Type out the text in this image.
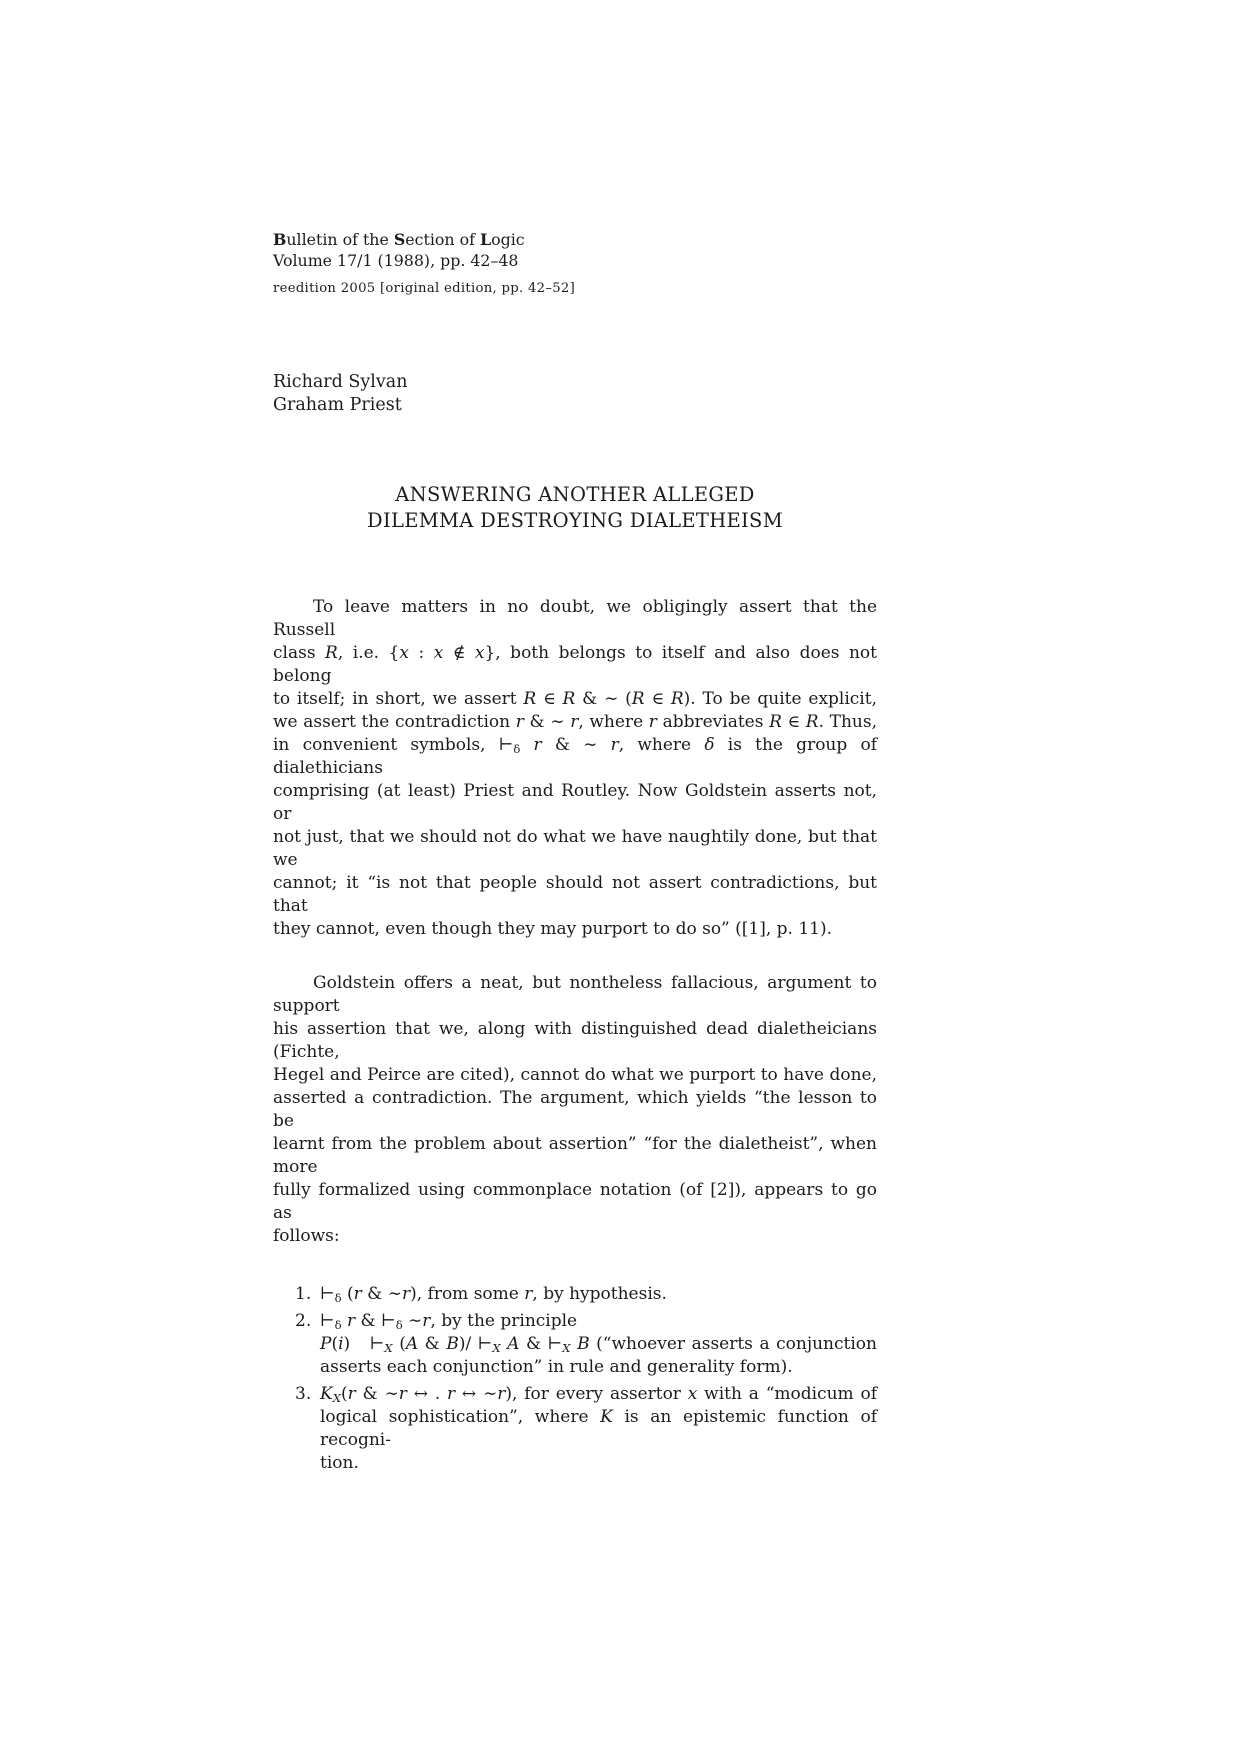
Bulletin of the Section of Logic
Volume 17/1 (1988), pp. 42–48
reedition 2005 [original edition, pp. 42–52]
Richard Sylvan
Graham Priest
ANSWERING ANOTHER ALLEGED
DILEMMA DESTROYING DIALETHEISM
To leave matters in no doubt, we obligingly assert that the Russell
class R, i.e. {x : x ∉ x}, both belongs to itself and also does not belong
to itself; in short, we assert R ∈ R & ∼ (R ∈ R). To be quite explicit,
we assert the contradiction r & ∼ r, where r abbreviates R ∈ R. Thus,
in convenient symbols, $⊢_\delta$ r & ∼ r, where δ is the group of dialethicians
comprising (at least) Priest and Routley. Now Goldstein asserts not, or
not just, that we should not do what we have naughtily done, but that we
cannot; it “is not that people should not assert contradictions, but that
they cannot, even though they may purport to do so” ([1], p. 11).
Goldstein offers a neat, but nontheless fallacious, argument to support
his assertion that we, along with distinguished dead dialetheicians (Fichte,
Hegel and Peirce are cited), cannot do what we purport to have done,
asserted a contradiction. The argument, which yields “the lesson to be
learnt from the problem about assertion” “for the dialetheist”, when more
fully formalized using commonplace notation (of [2]), appears to go as
follows:
1. $⊢_\delta$ (r & ∼r), from some r, by hypothesis.
2. $⊢_\delta$ r & $⊢_\delta$ ∼r, by the principle
P(i)   $⊢_X$ (A & B)/ $⊢_X$ A & $⊢_X$ B (“whoever asserts a conjunction
asserts each conjunction” in rule and generality form).
3. $K_X(r$ & ∼r ↔ . r ↔ ∼r), for every assertor x with a “modicum of
logical sophistication”, where K is an epistemic function of recogni-
tion.
